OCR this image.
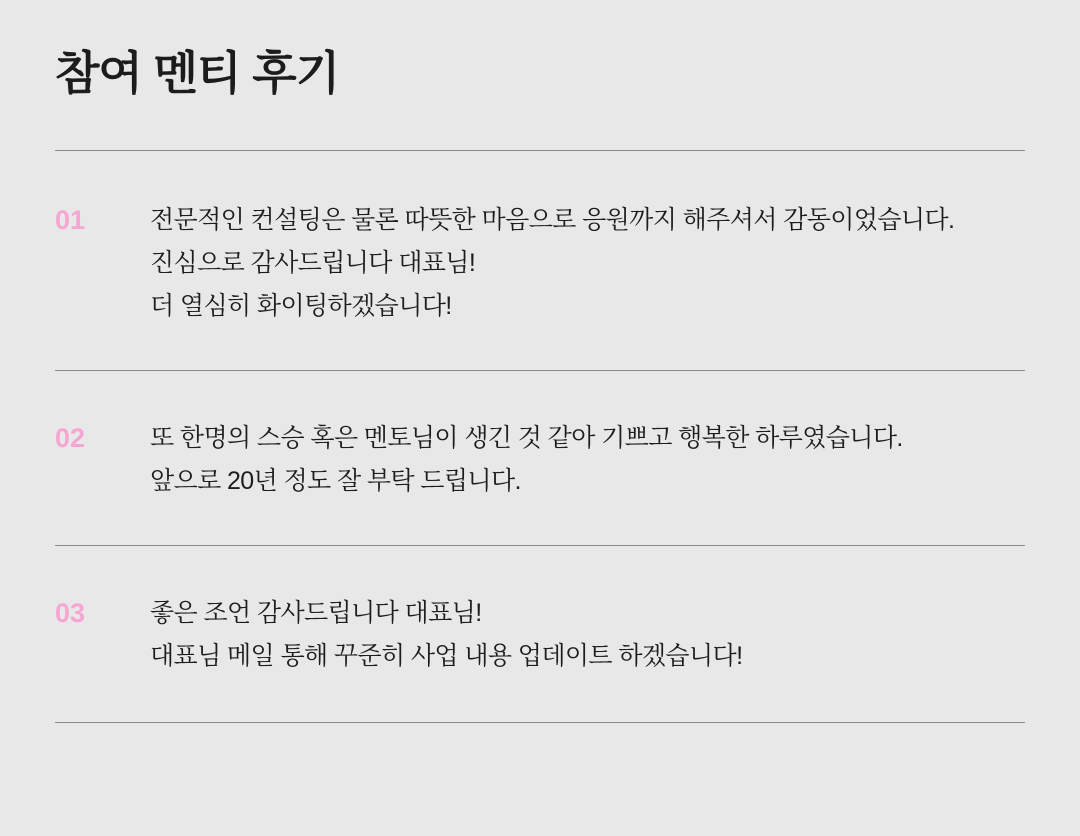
참여 멘티 후기
01	전문적인 컨설팅은 물론 따뜻한 마음으로 응원까지 해주셔서 감동이었습니다.
진심으로 감사드립니다 대표님!
더 열심히 화이팅하겠습니다!
02	또 한명의 스승 혹은 멘토님이 생긴 것 같아 기쁘고 행복한 하루였습니다.
앞으로 20년 정도 잘 부탁 드립니다.
03	좋은 조언 감사드립니다 대표님!
대표님 메일 통해 꾸준히 사업 내용 업데이트 하겠습니다!
